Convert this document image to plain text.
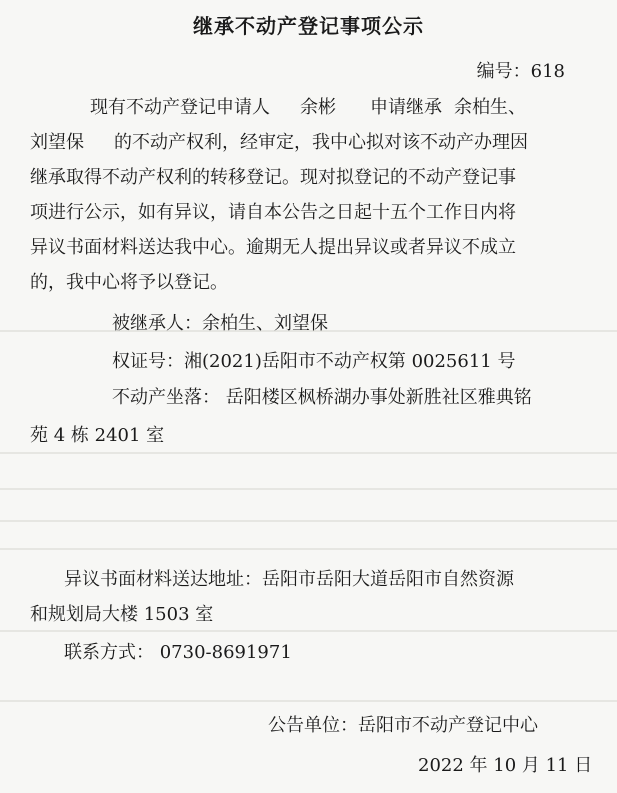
继承不动产登记事项公示
编号：618
现有不动产登记申请人 余彬 申请继承 余柏生、
刘望保 的不动产权利，经审定，我中心拟对该不动产办理因
继承取得不动产权利的转移登记。现对拟登记的不动产登记事
项进行公示，如有异议，请自本公告之日起十五个工作日内将
异议书面材料送达我中心。逾期无人提出异议或者异议不成立
的，我中心将予以登记。
被继承人：余柏生、刘望保
权证号：湘(2021)岳阳市不动产权第 0025611 号
不动产坐落： 岳阳楼区枫桥湖办事处新胜社区雅典铭
苑 4 栋 2401 室
异议书面材料送达地址：岳阳市岳阳大道岳阳市自然资源
和规划局大楼 1503 室
联系方式： 0730-8691971
公告单位：岳阳市不动产登记中心
2022 年 10 月 11 日
